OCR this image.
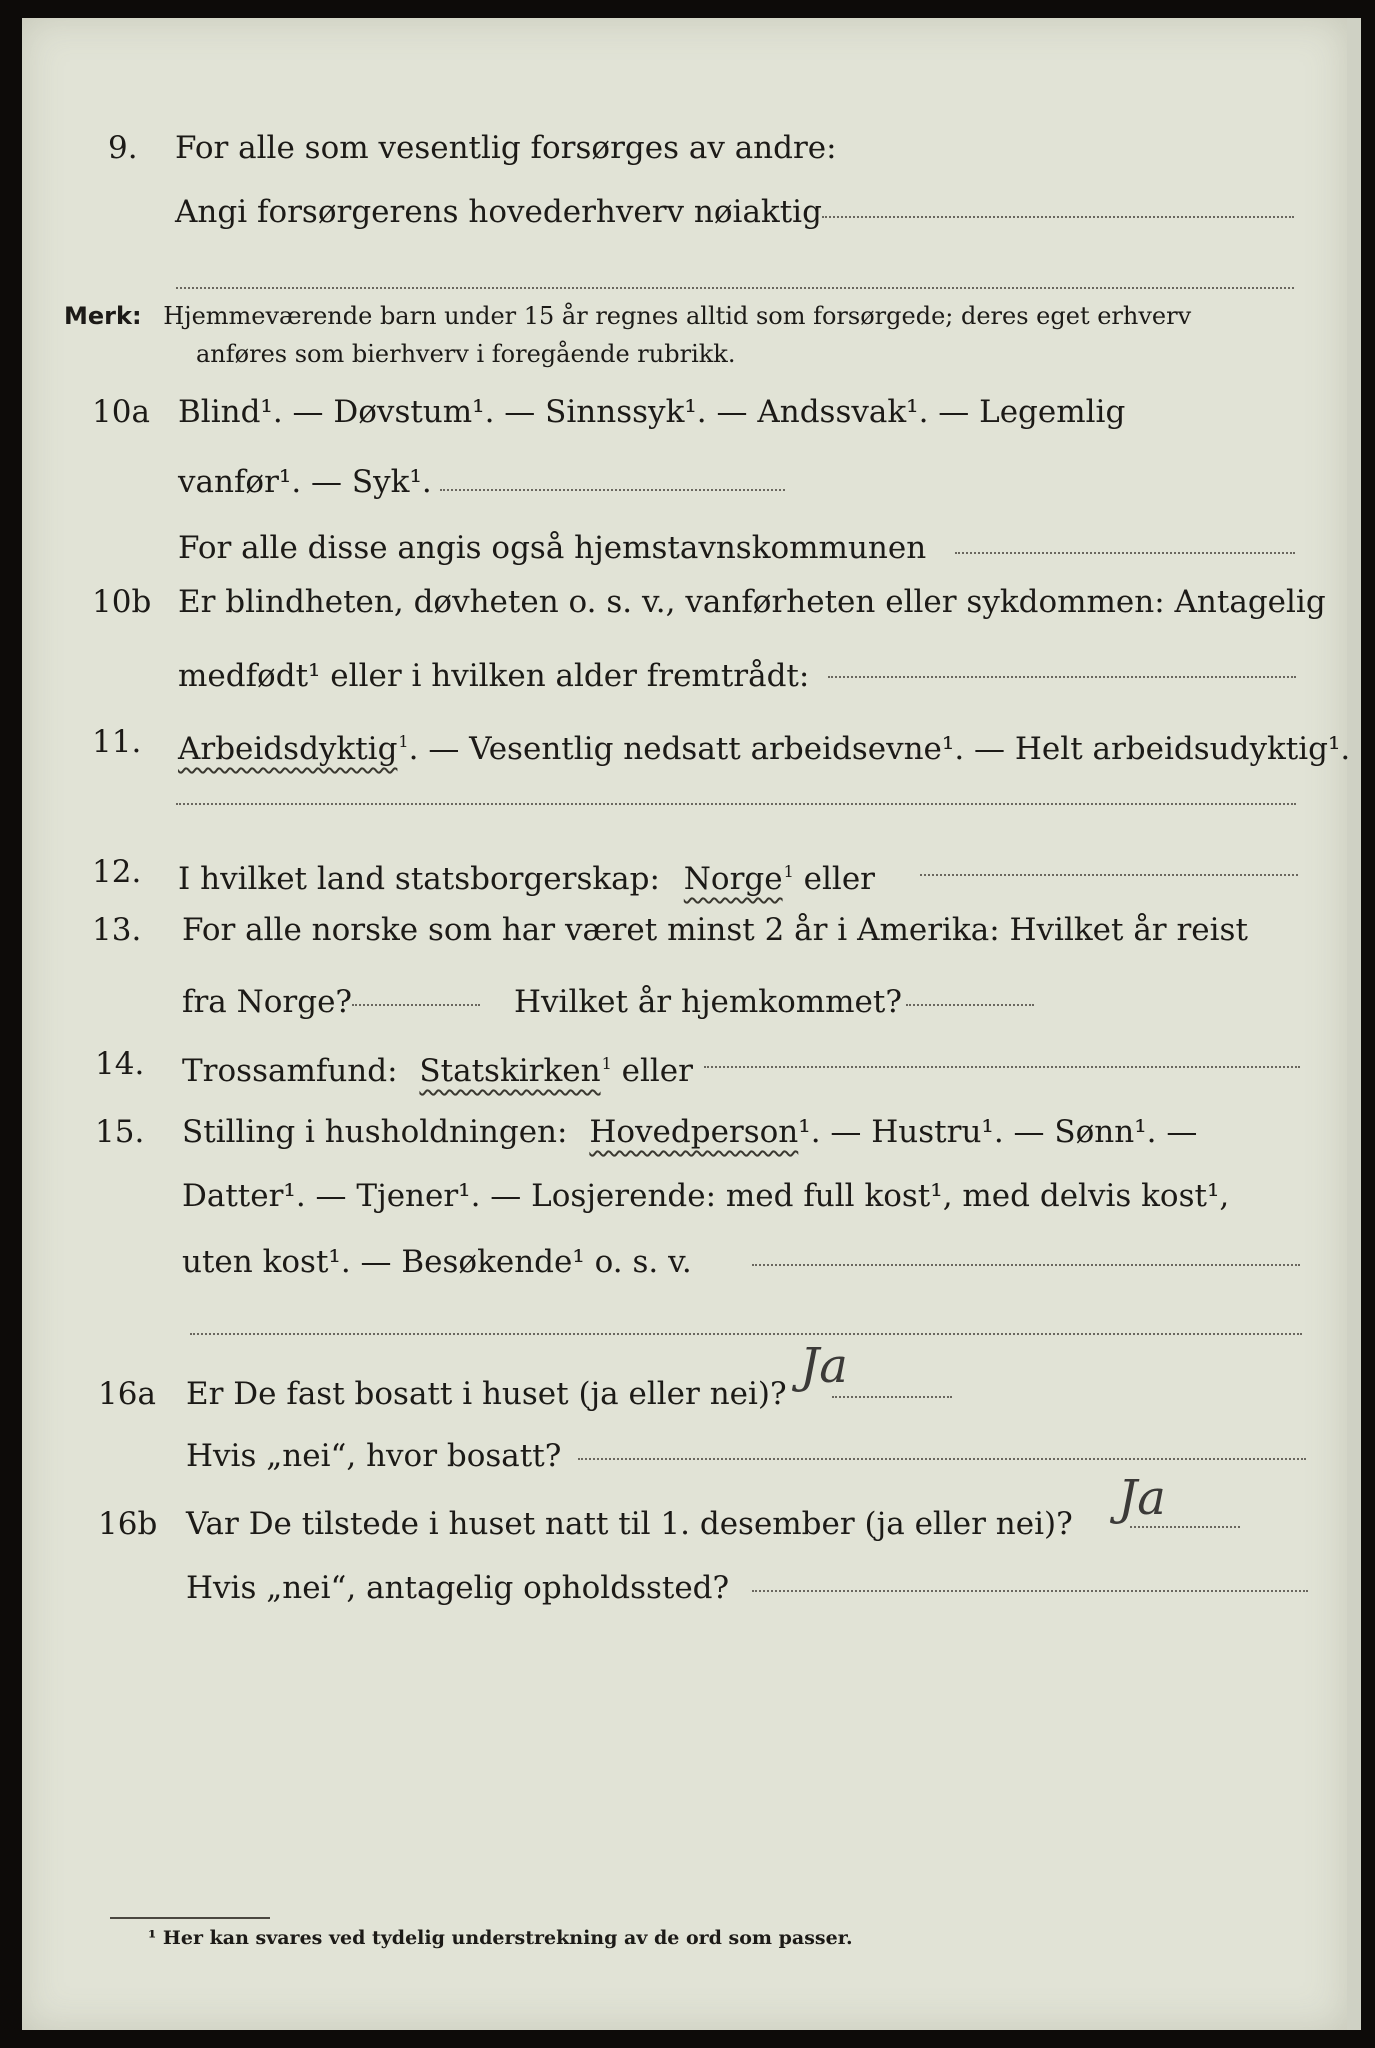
9. For alle som vesentlig forsørges av andre:
Angi forsørgerens hovederhverv nøiaktig
Merk: Hjemmeværende barn under 15 år regnes alltid som forsørgede; deres eget erhverv
anføres som bierhverv i foregående rubrikk.
10a Blind¹. — Døvstum¹. — Sinnssyk¹. — Andssvak¹. — Legemlig
vanfør¹. — Syk¹.
For alle disse angis også hjemstavnskommunen
10b Er blindheten, døvheten o. s. v., vanførheten eller sykdommen: Antagelig
medfødt¹ eller i hvilken alder fremtrådt:
11. Arbeidsdyktig$^1$. — Vesentlig nedsatt arbeidsevne¹. — Helt arbeidsudyktig¹.
12. I hvilket land statsborgerskap: Norge$^1$ eller
13. For alle norske som har været minst 2 år i Amerika: Hvilket år reist
fra Norge?	Hvilket år hjemkommet?
14. Trossamfund: Statskirken$^1$ eller
15. Stilling i husholdningen: Hovedperson¹. — Hustru¹. — Sønn¹. —
Datter¹. — Tjener¹. — Losjerende: med full kost¹, med delvis kost¹,
uten kost¹. — Besøkende¹ o. s. v.
16a Er De fast bosatt i huset (ja eller nei)? Ja
Hvis „nei“, hvor bosatt?
16b Var De tilstede i huset natt til 1. desember (ja eller nei)? Ja
Hvis „nei“, antagelig opholdssted?
¹ Her kan svares ved tydelig understrekning av de ord som passer.
